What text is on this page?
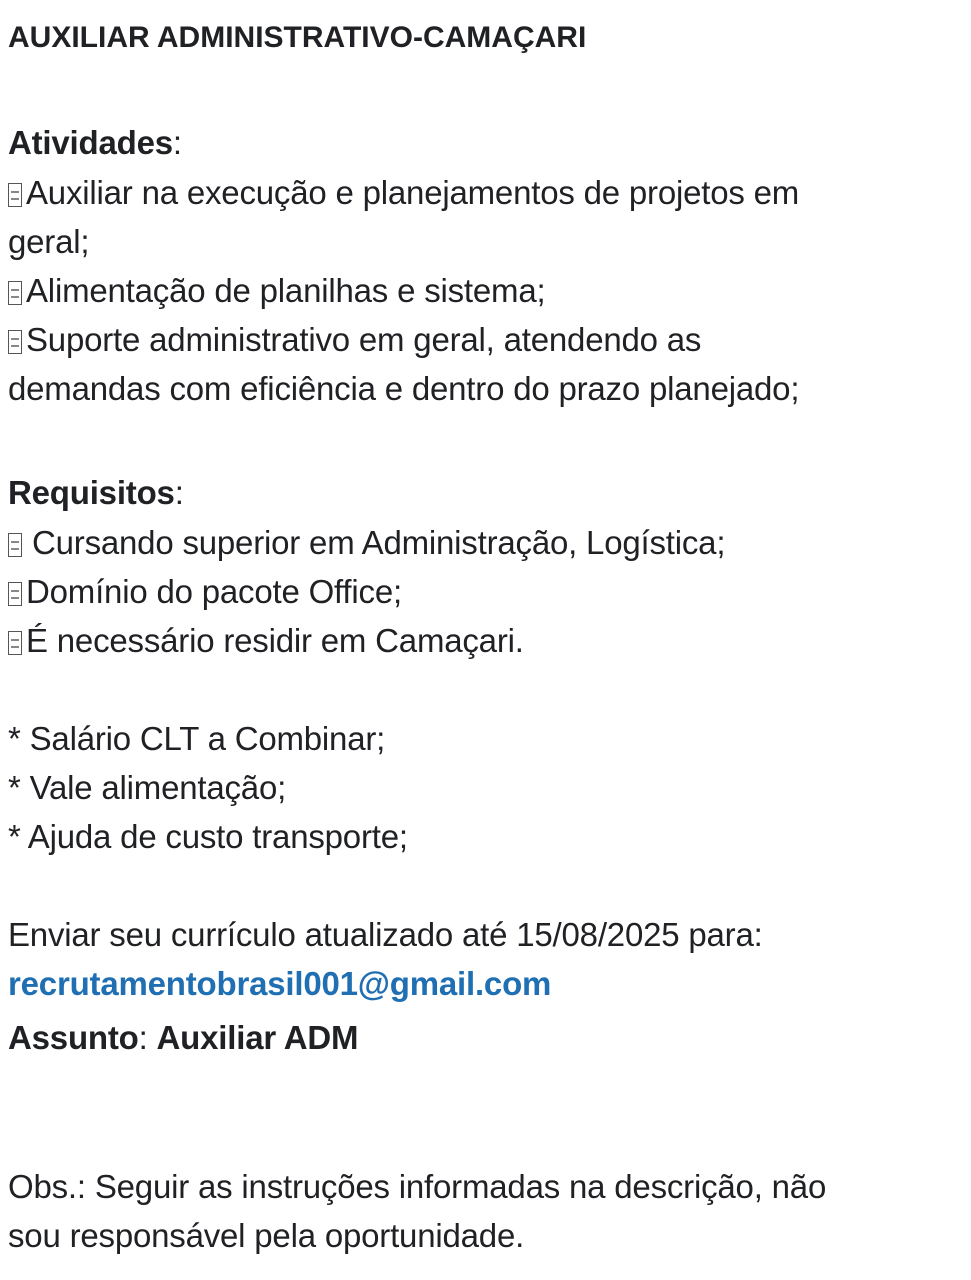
AUXILIAR ADMINISTRATIVO-CAMAÇARI
Atividades:
Auxiliar na execução e planejamentos de projetos em
geral;
Alimentação de planilhas e sistema;
Suporte administrativo em geral, atendendo as
demandas com eficiência e dentro do prazo planejado;
Requisitos:
Cursando superior em Administração, Logística;
Domínio do pacote Office;
É necessário residir em Camaçari.
* Salário CLT a Combinar;
* Vale alimentação;
* Ajuda de custo transporte;
Enviar seu currículo atualizado até 15/08/2025 para:
recrutamentobrasil001@gmail.com
Assunto: Auxiliar ADM
Obs.: Seguir as instruções informadas na descrição, não
sou responsável pela oportunidade.
